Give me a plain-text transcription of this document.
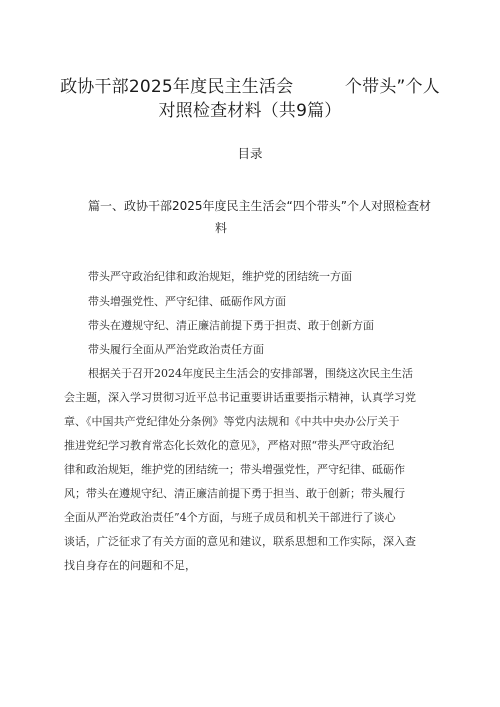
政协干部2025年度民主生活会　　　个带头”个人
对照检查材料（共9篇）
目录
篇一、政协干部2025年度民主生活会“四个带头”个人对照检查材
料
带头严守政治纪律和政治规矩，维护党的团结统一方面
带头增强党性、严守纪律、砥砺作风方面
带头在遵规守纪、清正廉洁前提下勇于担责、敢于创新方面
带头履行全面从严治党政治责任方面
根据关于召开2024年度民主生活会的安排部署，围绕这次民主生活
会主题，深入学习贯彻习近平总书记重要讲话重要指示精神，认真学习党
章、《中国共产党纪律处分条例》等党内法规和《中共中央办公厅关于
推进党纪学习教育常态化长效化的意见》，严格对照“带头严守政治纪
律和政治规矩，维护党的团结统一；带头增强党性，严守纪律、砥砺作
风；带头在遵规守纪、清正廉洁前提下勇于担当、敢于创新；带头履行
全面从严治党政治责任”4个方面，与班子成员和机关干部进行了谈心
谈话，广泛征求了有关方面的意见和建议，联系思想和工作实际，深入查
找自身存在的问题和不足，
